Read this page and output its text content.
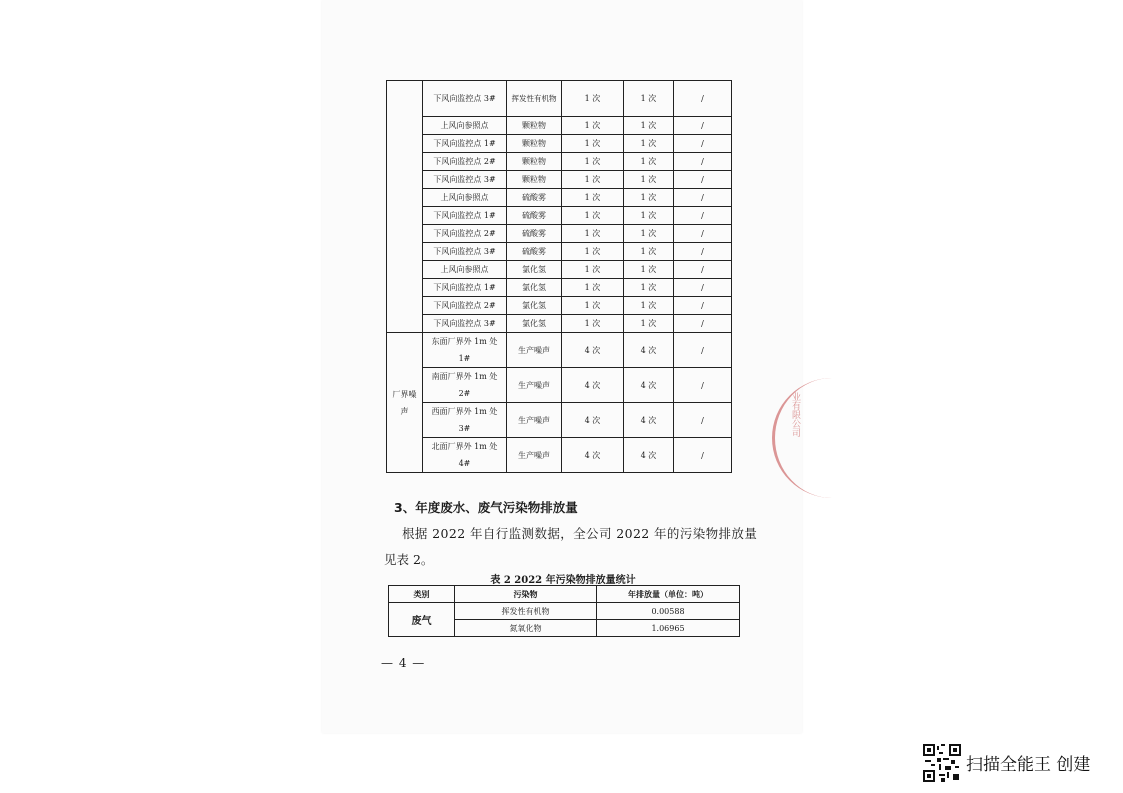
	下风向监控点 3#	挥发性有机物	1 次	1 次	/
	上风向参照点	颗粒物	1 次	1 次	/
	下风向监控点 1#	颗粒物	1 次	1 次	/
	下风向监控点 2#	颗粒物	1 次	1 次	/
	下风向监控点 3#	颗粒物	1 次	1 次	/
	上风向参照点	硫酸雾	1 次	1 次	/
	下风向监控点 1#	硫酸雾	1 次	1 次	/
	下风向监控点 2#	硫酸雾	1 次	1 次	/
	下风向监控点 3#	硫酸雾	1 次	1 次	/
	上风向参照点	氯化氢	1 次	1 次	/
	下风向监控点 1#	氯化氢	1 次	1 次	/
	下风向监控点 2#	氯化氢	1 次	1 次	/
	下风向监控点 3#	氯化氢	1 次	1 次	/
厂界噪声	东面厂界外 1m 处 1#	生产噪声	4 次	4 次	/
	南面厂界外 1m 处 2#	生产噪声	4 次	4 次	/
	西面厂界外 1m 处 3#	生产噪声	4 次	4 次	/
	北面厂界外 1m 处 4#	生产噪声	4 次	4 次	/
业有限公司
3、年度废水、废气污染物排放量
根据 2022 年自行监测数据，全公司 2022 年的污染物排放量
见表 2。
表 2 2022 年污染物排放量统计
类别	污染物	年排放量（单位：吨）
废气	挥发性有机物	0.00588
	氮氧化物	1.06965
— 4 —
扫描全能王 创建
